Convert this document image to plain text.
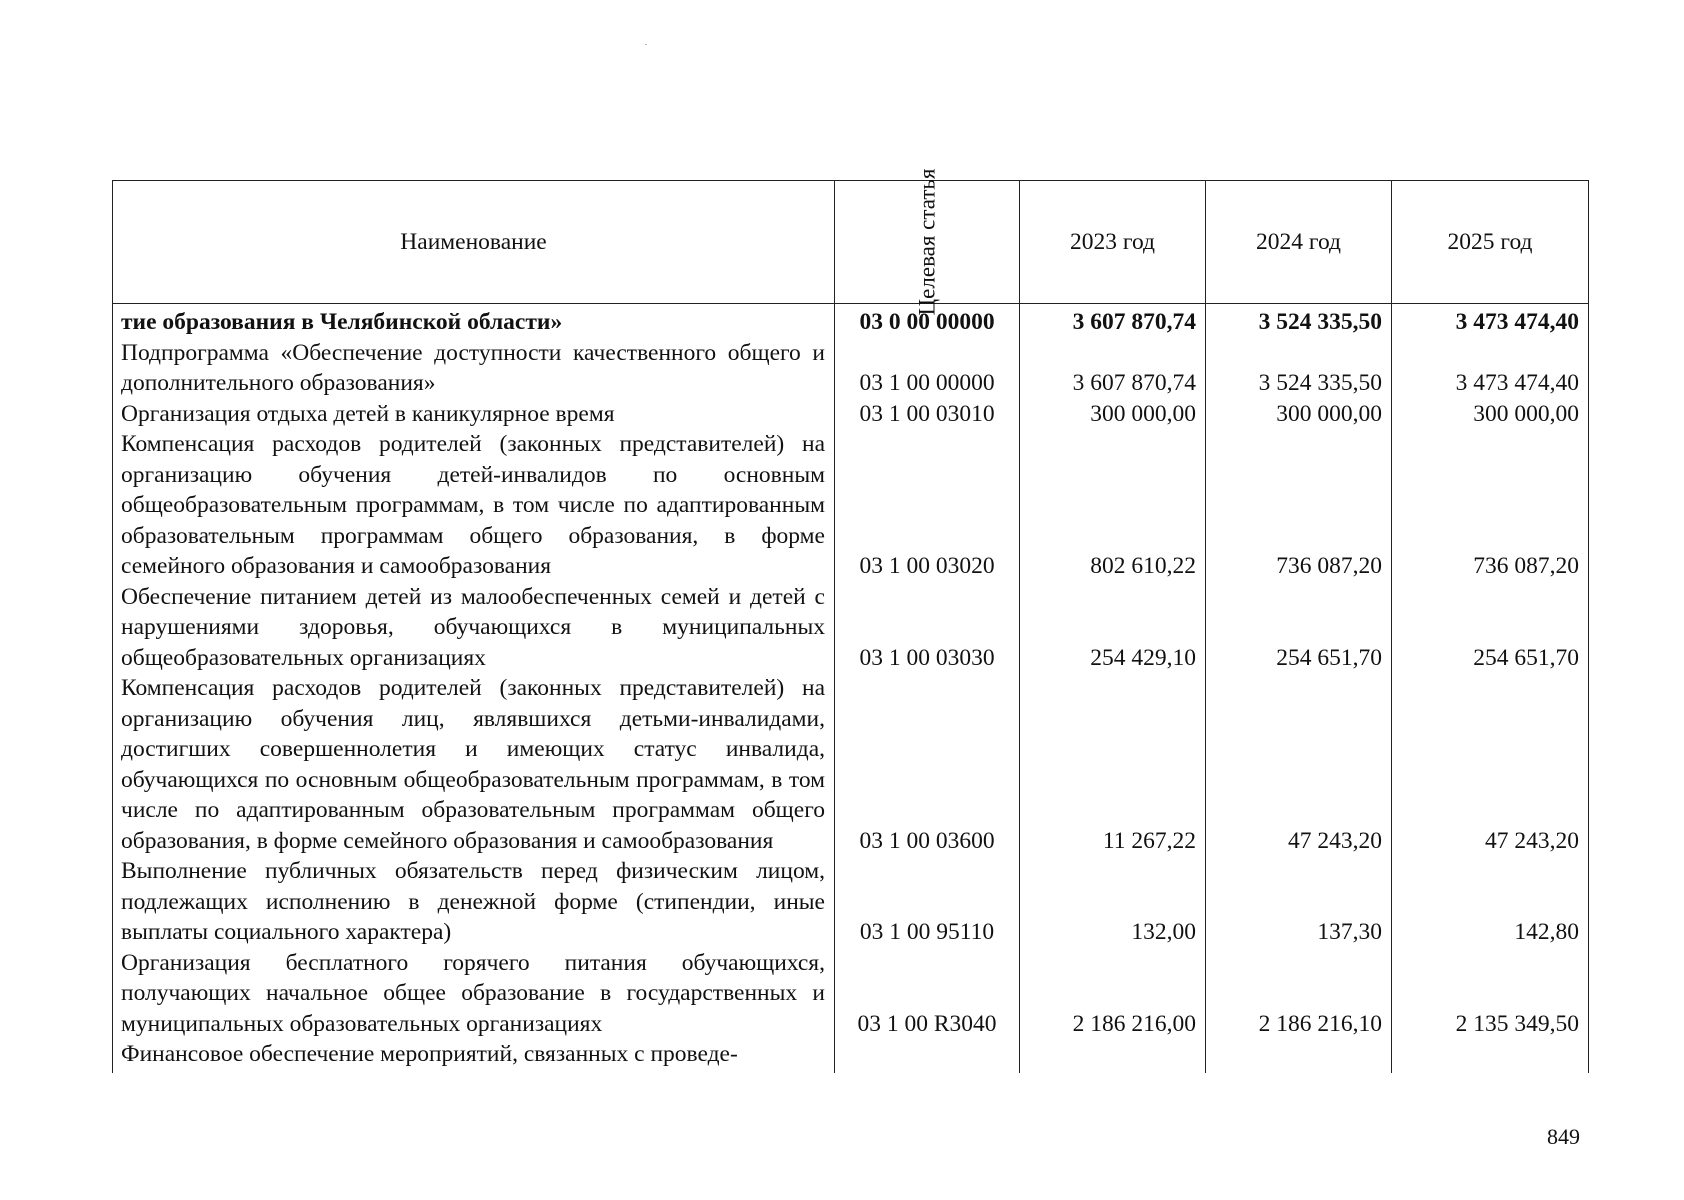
Наименование	Целевая статья	2023 год	2024 год	2025 год
тие образования в Челябинской области»	03 0 00 00000	3 607 870,74	3 524 335,50	3 473 474,40
Подпрограмма «Обеспечение доступности качественного общего и дополнительного образования»	03 1 00 00000	3 607 870,74	3 524 335,50	3 473 474,40
Организация отдыха детей в каникулярное время	03 1 00 03010	300 000,00	300 000,00	300 000,00
Компенсация расходов родителей (законных представителей) на организацию обучения детей-инвалидов по основным общеобразовательным программам, в том числе по адаптированным образовательным программам общего образования, в форме семейного образования и самообразования	03 1 00 03020	802 610,22	736 087,20	736 087,20
Обеспечение питанием детей из малообеспеченных семей и детей с нарушениями здоровья, обучающихся в муниципальных общеобразовательных организациях	03 1 00 03030	254 429,10	254 651,70	254 651,70
Компенсация расходов родителей (законных представителей) на организацию обучения лиц, являвшихся детьми-инвалидами, достигших совершеннолетия и имеющих статус инвалида, обучающихся по основным общеобразовательным программам, в том числе по адаптированным образовательным программам общего образования, в форме семейного образования и самообразования	03 1 00 03600	11 267,22	47 243,20	47 243,20
Выполнение публичных обязательств перед физическим лицом, подлежащих исполнению в денежной форме (стипендии, иные выплаты социального характера)	03 1 00 95110	132,00	137,30	142,80
Организация бесплатного горячего питания обучающихся, получающих начальное общее образование в государственных и муниципальных образовательных организациях	03 1 00 R3040	2 186 216,00	2 186 216,10	2 135 349,50
Финансовое обеспечение мероприятий, связанных с проведе-				
849
